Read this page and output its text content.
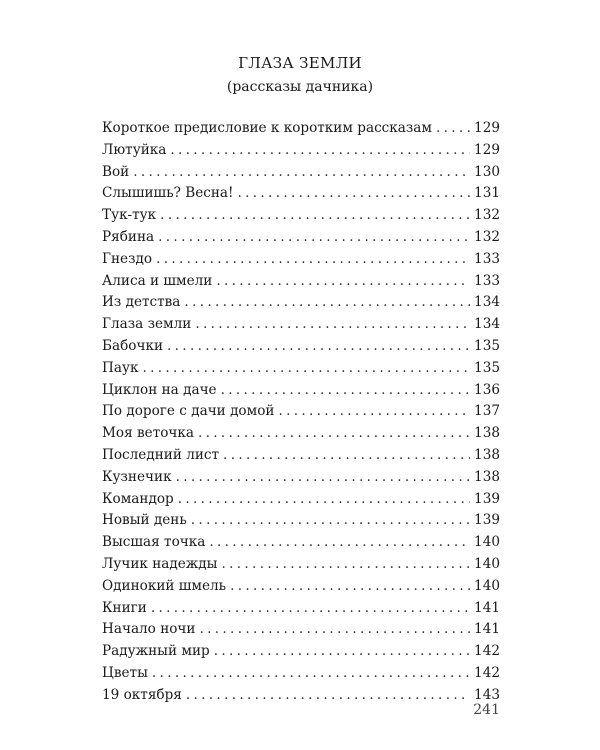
ГЛАЗА ЗЕМЛИ
(рассказы дачника)
Короткое предисловие к коротким рассказам . . .	129
Лютуйка . . .	129
Вой . . .	130
Слышишь? Весна! . . .	131
Тук-тук . . .	132
Рябина . . .	132
Гнездо . . .	133
Алиса и шмели . . .	133
Из детства . . .	134
Глаза земли . . .	134
Бабочки . . .	135
Паук . . .	135
Циклон на даче . . .	136
По дороге с дачи домой . . .	137
Моя веточка . . .	138
Последний лист . . .	138
Кузнечик . . .	138
Командор . . .	139
Новый день . . .	139
Высшая точка . . .	140
Лучик надежды . . .	140
Одинокий шмель . . .	140
Книги . . .	141
Начало ночи . . .	141
Радужный мир . . .	142
Цветы . . .	142
19 октября . . .	143
241
